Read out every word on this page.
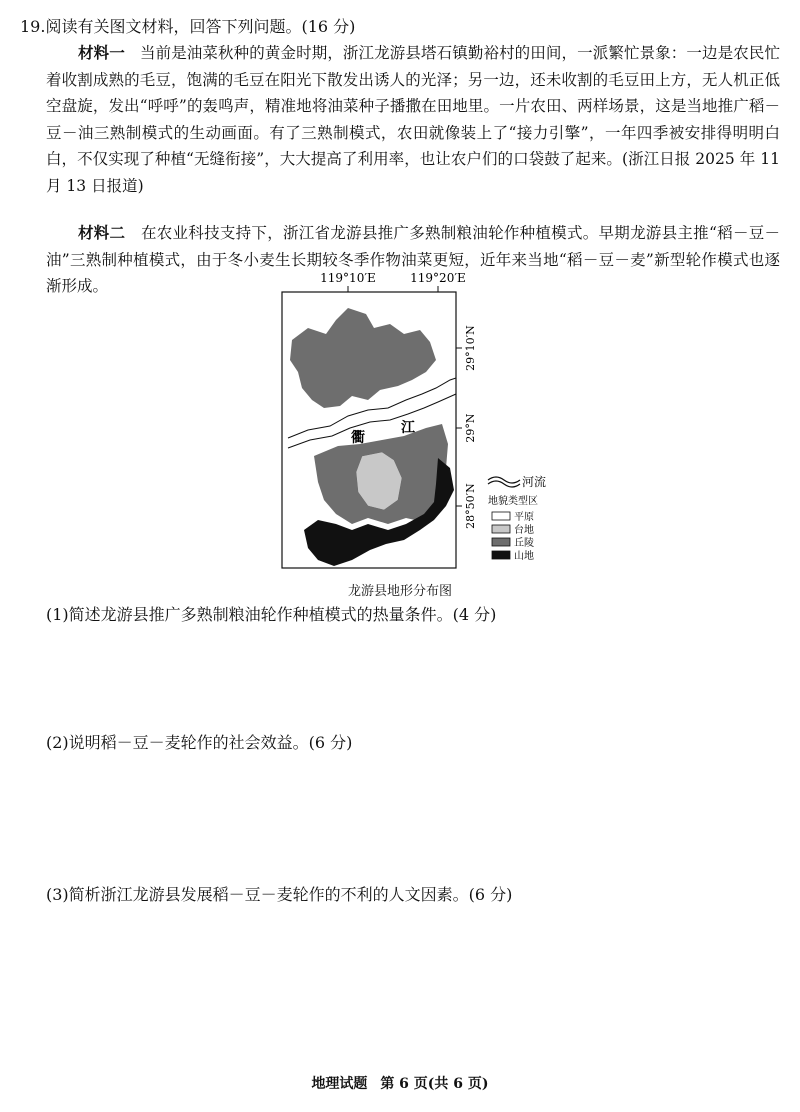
19.阅读有关图文材料，回答下列问题。(16 分)
材料一 当前是油菜秋种的黄金时期，浙江龙游县塔石镇勤裕村的田间，一派繁忙景象：一边是农民忙着收割成熟的毛豆，饱满的毛豆在阳光下散发出诱人的光泽；另一边，还未收割的毛豆田上方，无人机正低空盘旋，发出“呼呼”的轰鸣声，精准地将油菜种子播撒在田地里。一片农田、两样场景，这是当地推广稻－豆－油三熟制模式的生动画面。有了三熟制模式，农田就像装上了“接力引擎”，一年四季被安排得明明白白，不仅实现了种植“无缝衔接”，大大提高了利用率，也让农户们的口袋鼓了起来。(浙江日报 2025 年 11 月 13 日报道)
材料二 在农业科技支持下，浙江省龙游县推广多熟制粮油轮作种植模式。早期龙游县主推“稻－豆－油”三熟制种植模式，由于冬小麦生长期较冬季作物油菜更短，近年来当地“稻－豆－麦”新型轮作模式也逐渐形成。	119°10′E	119°20′E
衢
江
29°10′N
29°N
28°50′N
河流
地貌类型区
平原
台地
丘陵
山地
龙游县地形分布图
(1)简述龙游县推广多熟制粮油轮作种植模式的热量条件。(4 分)
(2)说明稻－豆－麦轮作的社会效益。(6 分)
(3)简析浙江龙游县发展稻－豆－麦轮作的不利的人文因素。(6 分)
地理试题 第 6 页(共 6 页)
